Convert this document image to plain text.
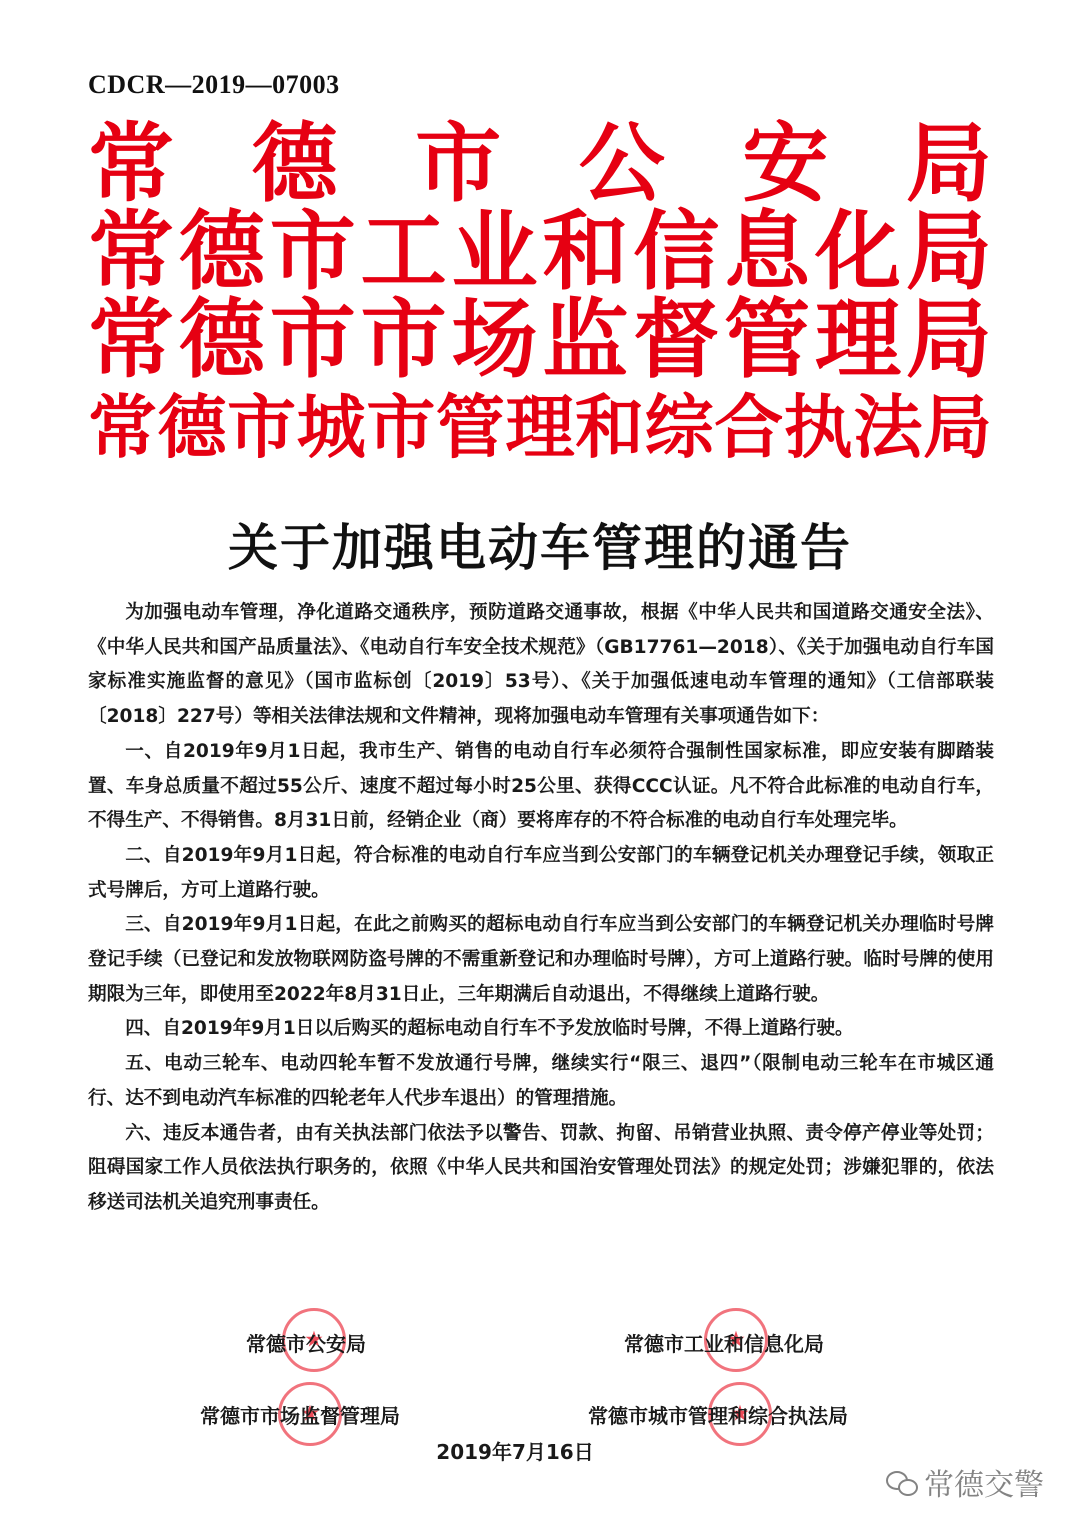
CDCR—2019—07003
常 德 市 公 安 局
常 德 市 工 业 和 信 息 化 局
常 德 市 市 场 监 督 管 理 局
常 德 市 城 市 管 理 和 综 合 执 法 局
关于加强电动车管理的通告

为加强电动车管理，净化道路交通秩序，预防道路交通事故，根据《中华人民共和国道路交通安全法》、《中华人民共和国产品质量法》、《电动自行车安全技术规范》（GB17761—2018）、《关于加强电动自行车国家标准实施监督的意见》（国市监标创〔2019〕53号）、《关于加强低速电动车管理的通知》（工信部联装〔2018〕227号）等相关法律法规和文件精神，现将加强电动车管理有关事项通告如下：

一、自2019年9月1日起，我市生产、销售的电动自行车必须符合强制性国家标准，即应安装有脚踏装置、车身总质量不超过55公斤、速度不超过每小时25公里、获得CCC认证。凡不符合此标准的电动自行车，不得生产、不得销售。8月31日前，经销企业（商）要将库存的不符合标准的电动自行车处理完毕。

二、自2019年9月1日起，符合标准的电动自行车应当到公安部门的车辆登记机关办理登记手续，领取正式号牌后，方可上道路行驶。

三、自2019年9月1日起，在此之前购买的超标电动自行车应当到公安部门的车辆登记机关办理临时号牌登记手续（已登记和发放物联网防盗号牌的不需重新登记和办理临时号牌），方可上道路行驶。临时号牌的使用期限为三年，即使用至2022年8月31日止，三年期满后自动退出，不得继续上道路行驶。

四、自2019年9月1日以后购买的超标电动自行车不予发放临时号牌，不得上道路行驶。

五、电动三轮车、电动四轮车暂不发放通行号牌，继续实行“限三、退四”（限制电动三轮车在市城区通行、达不到电动汽车标准的四轮老年人代步车退出）的管理措施。

六、违反本通告者，由有关执法部门依法予以警告、罚款、拘留、吊销营业执照、责令停产停业等处罚；阻碍国家工作人员依法执行职务的，依照《中华人民共和国治安管理处罚法》的规定处罚；涉嫌犯罪的，依法移送司法机关追究刑事责任。

★
★
★
★
常德市公安局	常德市工业和信息化局
常德市市场监督管理局	常德市城市管理和综合执法局
2019年7月16日
常德交警
